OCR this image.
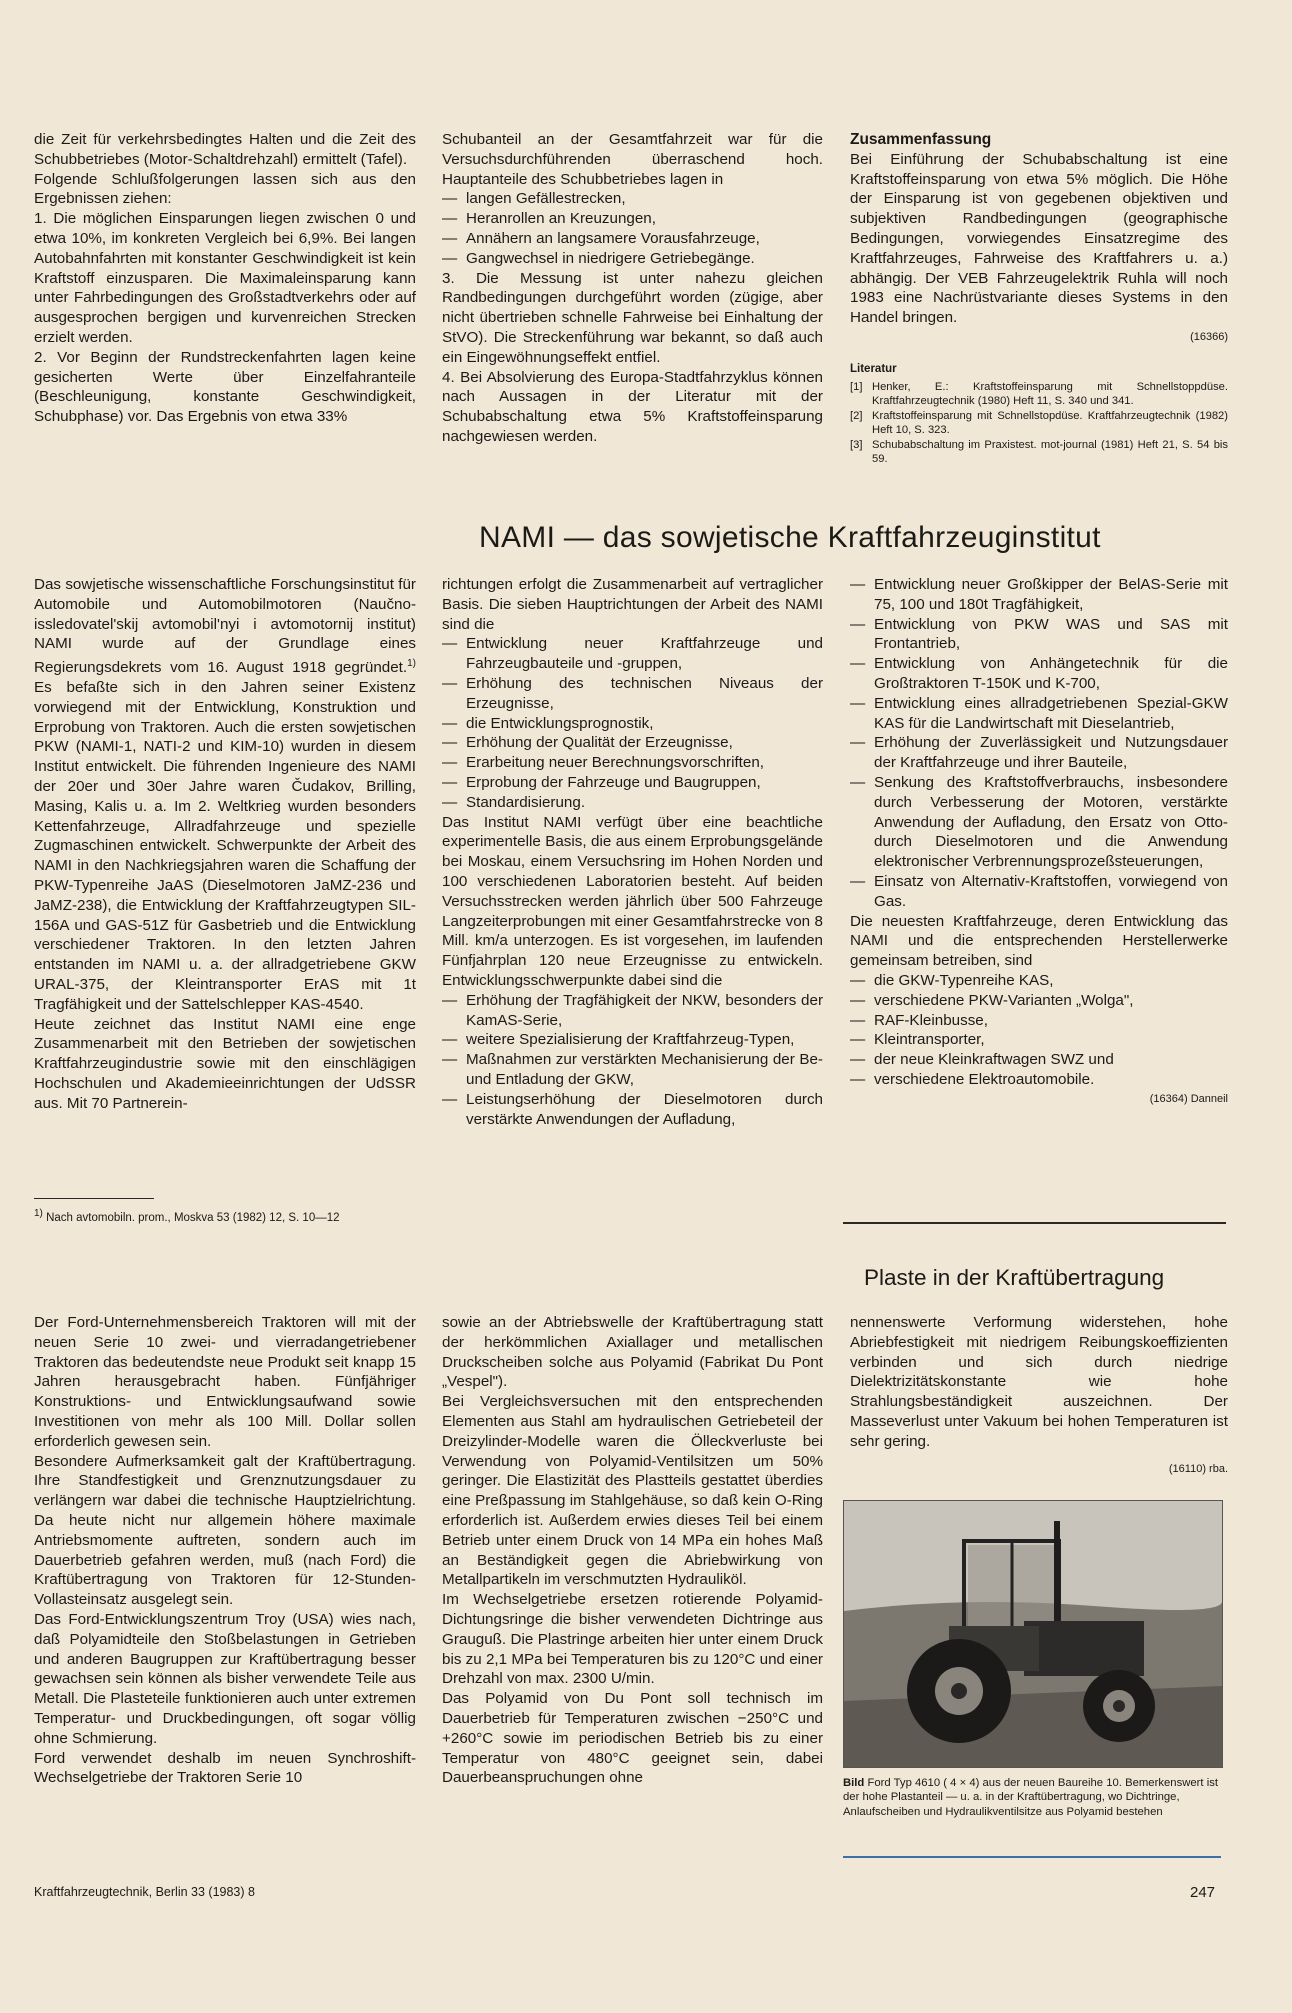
die Zeit für verkehrsbedingtes Halten und die Zeit des Schubbetriebes (Motor-Schaltdrehzahl) ermittelt (Tafel).

Folgende Schlußfolgerungen lassen sich aus den Ergebnissen ziehen:

1. Die möglichen Einsparungen liegen zwischen 0 und etwa 10%, im konkreten Vergleich bei 6,9%. Bei langen Autobahnfahrten mit konstanter Geschwindigkeit ist kein Kraftstoff einzusparen. Die Maximaleinsparung kann unter Fahrbedingungen des Großstadtverkehrs oder auf ausgesprochen bergigen und kurvenreichen Strecken erzielt werden.

2. Vor Beginn der Rundstreckenfahrten lagen keine gesicherten Werte über Einzelfahranteile (Beschleunigung, konstante Geschwindigkeit, Schubphase) vor. Das Ergebnis von etwa 33%

Schubanteil an der Gesamtfahrzeit war für die Versuchsdurchführenden überraschend hoch. Hauptanteile des Schubbetriebes lagen in

— langen Gefällestrecken,
— Heranrollen an Kreuzungen,
— Annähern an langsamere Vorausfahrzeuge,
— Gangwechsel in niedrigere Getriebegänge.

3. Die Messung ist unter nahezu gleichen Randbedingungen durchgeführt worden (zügige, aber nicht übertrieben schnelle Fahrweise bei Einhaltung der StVO). Die Streckenführung war bekannt, so daß auch ein Eingewöhnungseffekt entfiel.

4. Bei Absolvierung des Europa-Stadtfahrzyklus können nach Aussagen in der Literatur mit der Schubabschaltung etwa 5% Kraftstoffeinsparung nachgewiesen werden.

Zusammenfassung

Bei Einführung der Schubabschaltung ist eine Kraftstoffeinsparung von etwa 5% möglich. Die Höhe der Einsparung ist von gegebenen objektiven und subjektiven Randbedingungen (geographische Bedingungen, vorwiegendes Einsatzregime des Kraftfahrzeuges, Fahrweise des Kraftfahrers u. a.) abhängig. Der VEB Fahrzeugelektrik Ruhla will noch 1983 eine Nachrüstvariante dieses Systems in den Handel bringen.

(16366)

Literatur

[1] Henker, E.: Kraftstoffeinsparung mit Schnellstoppdüse. Kraftfahrzeugtechnik (1980) Heft 11, S. 340 und 341.
[2] Kraftstoffeinsparung mit Schnellstopdüse. Kraftfahrzeugtechnik (1982) Heft 10, S. 323.
[3] Schubabschaltung im Praxistest. mot-journal (1981) Heft 21, S. 54 bis 59.
NAMI — das sowjetische Kraftfahrzeuginstitut

Das sowjetische wissenschaftliche Forschungsinstitut für Automobile und Automobilmotoren (Naučno-issledovatel'skij avtomobil'nyi i avtomotornij institut) NAMI wurde auf der Grundlage eines Regierungsdekrets vom 16. August 1918 gegründet.$^{1)}$ Es befaßte sich in den Jahren seiner Existenz vorwiegend mit der Entwicklung, Konstruktion und Erprobung von Traktoren. Auch die ersten sowjetischen PKW (NAMI-1, NATI-2 und KIM-10) wurden in diesem Institut entwickelt. Die führenden Ingenieure des NAMI der 20er und 30er Jahre waren Čudakov, Brilling, Masing, Kalis u. a. Im 2. Weltkrieg wurden besonders Kettenfahrzeuge, Allradfahrzeuge und spezielle Zugmaschinen entwickelt. Schwerpunkte der Arbeit des NAMI in den Nachkriegsjahren waren die Schaffung der PKW-Typenreihe JaAS (Dieselmotoren JaMZ-236 und JaMZ-238), die Entwicklung der Kraftfahrzeugtypen SIL-156A und GAS-51Z für Gasbetrieb und die Entwicklung verschiedener Traktoren. In den letzten Jahren entstanden im NAMI u. a. der allradgetriebene GKW URAL-375, der Kleintransporter ErAS mit 1t Tragfähigkeit und der Sattelschlepper KAS-4540.

Heute zeichnet das Institut NAMI eine enge Zusammenarbeit mit den Betrieben der sowjetischen Kraftfahrzeugindustrie sowie mit den einschlägigen Hochschulen und Akademieeinrichtungen der UdSSR aus. Mit 70 Partnerein-

1) Nach avtomobiln. prom., Moskva 53 (1982) 12, S. 10—12

richtungen erfolgt die Zusammenarbeit auf vertraglicher Basis. Die sieben Hauptrichtungen der Arbeit des NAMI sind die

— Entwicklung neuer Kraftfahrzeuge und Fahrzeugbauteile und -gruppen,
— Erhöhung des technischen Niveaus der Erzeugnisse,
— die Entwicklungsprognostik,
— Erhöhung der Qualität der Erzeugnisse,
— Erarbeitung neuer Berechnungsvorschriften,
— Erprobung der Fahrzeuge und Baugruppen,
— Standardisierung.

Das Institut NAMI verfügt über eine beachtliche experimentelle Basis, die aus einem Erprobungsgelände bei Moskau, einem Versuchsring im Hohen Norden und 100 verschiedenen Laboratorien besteht. Auf beiden Versuchsstrecken werden jährlich über 500 Fahrzeuge Langzeiterprobungen mit einer Gesamtfahrstrecke von 8 Mill. km/a unterzogen. Es ist vorgesehen, im laufenden Fünfjahrplan 120 neue Erzeugnisse zu entwickeln. Entwicklungsschwerpunkte dabei sind die

— Erhöhung der Tragfähigkeit der NKW, besonders der KamAS-Serie,
— weitere Spezialisierung der Kraftfahrzeug-Typen,
— Maßnahmen zur verstärkten Mechanisierung der Be- und Entladung der GKW,
— Leistungserhöhung der Dieselmotoren durch verstärkte Anwendungen der Aufladung,
— Entwicklung neuer Großkipper der BelAS-Serie mit 75, 100 und 180t Tragfähigkeit,
— Entwicklung von PKW WAS und SAS mit Frontantrieb,
— Entwicklung von Anhängetechnik für die Großtraktoren T-150K und K-700,
— Entwicklung eines allradgetriebenen Spezial-GKW KAS für die Landwirtschaft mit Dieselantrieb,
— Erhöhung der Zuverlässigkeit und Nutzungsdauer der Kraftfahrzeuge und ihrer Bauteile,
— Senkung des Kraftstoffverbrauchs, insbesondere durch Verbesserung der Motoren, verstärkte Anwendung der Aufladung, den Ersatz von Otto- durch Dieselmotoren und die Anwendung elektronischer Verbrennungsprozeßsteuerungen,
— Einsatz von Alternativ-Kraftstoffen, vorwiegend von Gas.

Die neuesten Kraftfahrzeuge, deren Entwicklung das NAMI und die entsprechenden Herstellerwerke gemeinsam betreiben, sind

— die GKW-Typenreihe KAS,
— verschiedene PKW-Varianten „Wolga",
— RAF-Kleinbusse,
— Kleintransporter,
— der neue Kleinkraftwagen SWZ und
— verschiedene Elektroautomobile.

(16364) Danneil

Plaste in der Kraftübertragung

Der Ford-Unternehmensbereich Traktoren will mit der neuen Serie 10 zwei- und vierradangetriebener Traktoren das bedeutendste neue Produkt seit knapp 15 Jahren herausgebracht haben. Fünfjähriger Konstruktions- und Entwicklungsaufwand sowie Investitionen von mehr als 100 Mill. Dollar sollen erforderlich gewesen sein.

Besondere Aufmerksamkeit galt der Kraftübertragung. Ihre Standfestigkeit und Grenznutzungsdauer zu verlängern war dabei die technische Hauptzielrichtung. Da heute nicht nur allgemein höhere maximale Antriebsmomente auftreten, sondern auch im Dauerbetrieb gefahren werden, muß (nach Ford) die Kraftübertragung von Traktoren für 12-Stunden-Vollasteinsatz ausgelegt sein.

Das Ford-Entwicklungszentrum Troy (USA) wies nach, daß Polyamidteile den Stoßbelastungen in Getrieben und anderen Baugruppen zur Kraftübertragung besser gewachsen sein können als bisher verwendete Teile aus Metall. Die Plasteteile funktionieren auch unter extremen Temperatur- und Druckbedingungen, oft sogar völlig ohne Schmierung.

Ford verwendet deshalb im neuen Synchroshift-Wechselgetriebe der Traktoren Serie 10

sowie an der Abtriebswelle der Kraftübertragung statt der herkömmlichen Axiallager und metallischen Druckscheiben solche aus Polyamid (Fabrikat Du Pont „Vespel").

Bei Vergleichsversuchen mit den entsprechenden Elementen aus Stahl am hydraulischen Getriebeteil der Dreizylinder-Modelle waren die Ölleckverluste bei Verwendung von Polyamid-Ventilsitzen um 50% geringer. Die Elastizität des Plastteils gestattet überdies eine Preßpassung im Stahlgehäuse, so daß kein O-Ring erforderlich ist. Außerdem erwies dieses Teil bei einem Betrieb unter einem Druck von 14 MPa ein hohes Maß an Beständigkeit gegen die Abriebwirkung von Metallpartikeln im verschmutzten Hydrauliköl.

Im Wechselgetriebe ersetzen rotierende Polyamid-Dichtungsringe die bisher verwendeten Dichtringe aus Grauguß. Die Plastringe arbeiten hier unter einem Druck bis zu 2,1 MPa bei Temperaturen bis zu 120°C und einer Drehzahl von max. 2300 U/min.

Das Polyamid von Du Pont soll technisch im Dauerbetrieb für Temperaturen zwischen −250°C und +260°C sowie im periodischen Betrieb bis zu einer Temperatur von 480°C geeignet sein, dabei Dauerbeanspruchungen ohne

nennenswerte Verformung widerstehen, hohe Abriebfestigkeit mit niedrigem Reibungskoeffizienten verbinden und sich durch niedrige Dielektrizitätskonstante wie hohe Strahlungsbeständigkeit auszeichnen. Der Masseverlust unter Vakuum bei hohen Temperaturen ist sehr gering.

(16110) rba.

Bild Ford Typ 4610 ( 4 × 4) aus der neuen Baureihe 10. Bemerkenswert ist der hohe Plastanteil — u. a. in der Kraftübertragung, wo Dichtringe, Anlaufscheiben und Hydraulikventilsitze aus Polyamid bestehen
Kraftfahrzeugtechnik, Berlin 33 (1983) 8	247
